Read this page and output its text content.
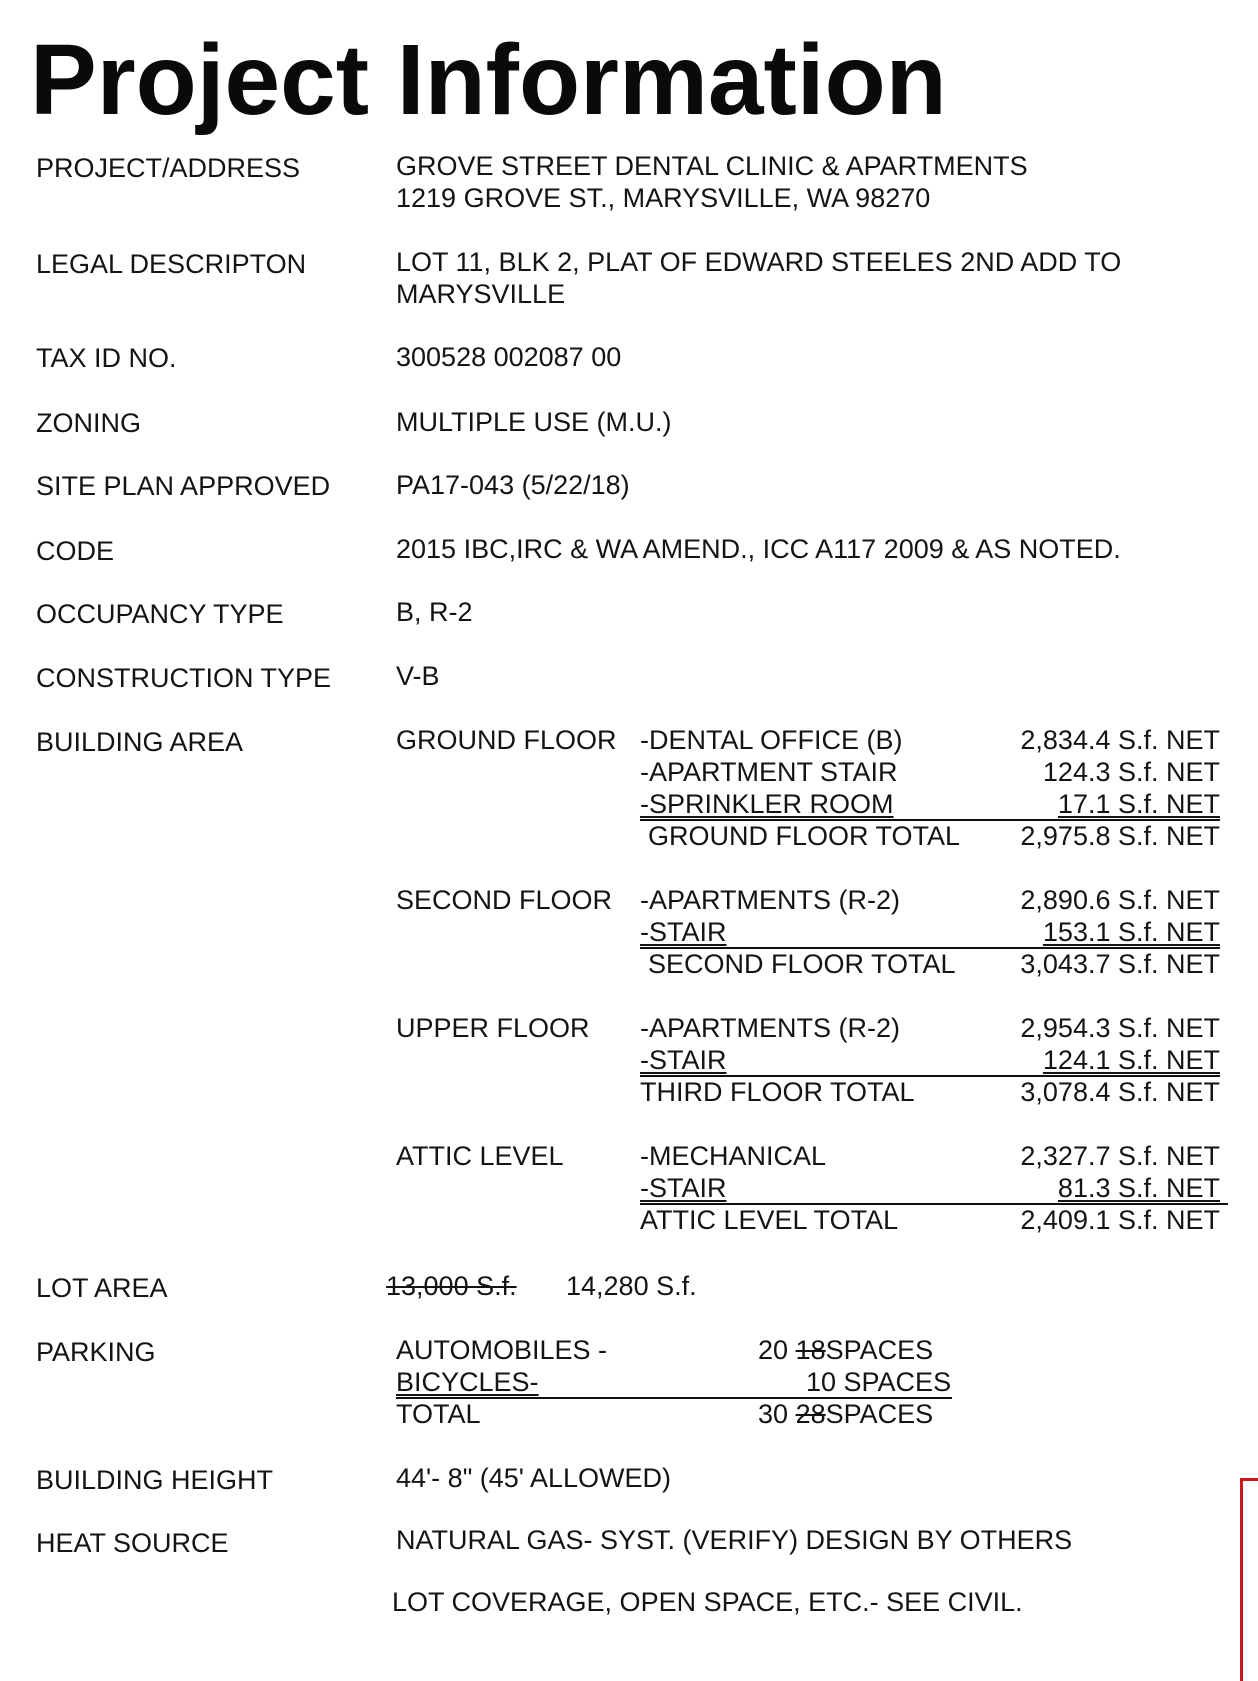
Project Information
PROJECT/ADDRESS	GROVE STREET DENTAL CLINIC & APARTMENTS
1219 GROVE ST., MARYSVILLE, WA 98270
LEGAL DESCRIPTON	LOT 11, BLK 2, PLAT OF EDWARD STEELES 2ND ADD TO
MARYSVILLE
TAX ID NO.	300528 002087 00
ZONING	MULTIPLE USE (M.U.)
SITE PLAN APPROVED PA17-043 (5/22/18)
CODE	2015 IBC,IRC & WA AMEND., ICC A117 2009 & AS NOTED.
OCCUPANCY TYPE	B, R-2
CONSTRUCTION TYPE V-B
BUILDING AREA	GROUND FLOOR -DENTAL OFFICE (B)	2,834.4 S.f. NET
-APARTMENT STAIR	124.3 S.f. NET
-SPRINKLER ROOM	17.1 S.f. NET
GROUND FLOOR TOTAL 2,975.8 S.f. NET
SECOND FLOOR -APARTMENTS (R-2)	2,890.6 S.f. NET
-STAIR	153.1 S.f. NET
SECOND FLOOR TOTAL 3,043.7 S.f. NET
UPPER FLOOR -APARTMENTS (R-2)	2,954.3 S.f. NET
-STAIR	124.1 S.f. NET
THIRD FLOOR TOTAL	3,078.4 S.f. NET
ATTIC LEVEL	-MECHANICAL	2,327.7 S.f. NET
-STAIR	81.3 S.f. NET
ATTIC LEVEL TOTAL	2,409.1 S.f. NET
LOT AREA	13,000 S.f. 14,280 S.f.
PARKING	AUTOMOBILES -	20 18SPACES
BICYCLES-	10 SPACES
TOTAL	30 28SPACES
BUILDING HEIGHT	44'- 8" (45' ALLOWED)
HEAT SOURCE	NATURAL GAS- SYST. (VERIFY) DESIGN BY OTHERS
LOT COVERAGE, OPEN SPACE, ETC.- SEE CIVIL.
